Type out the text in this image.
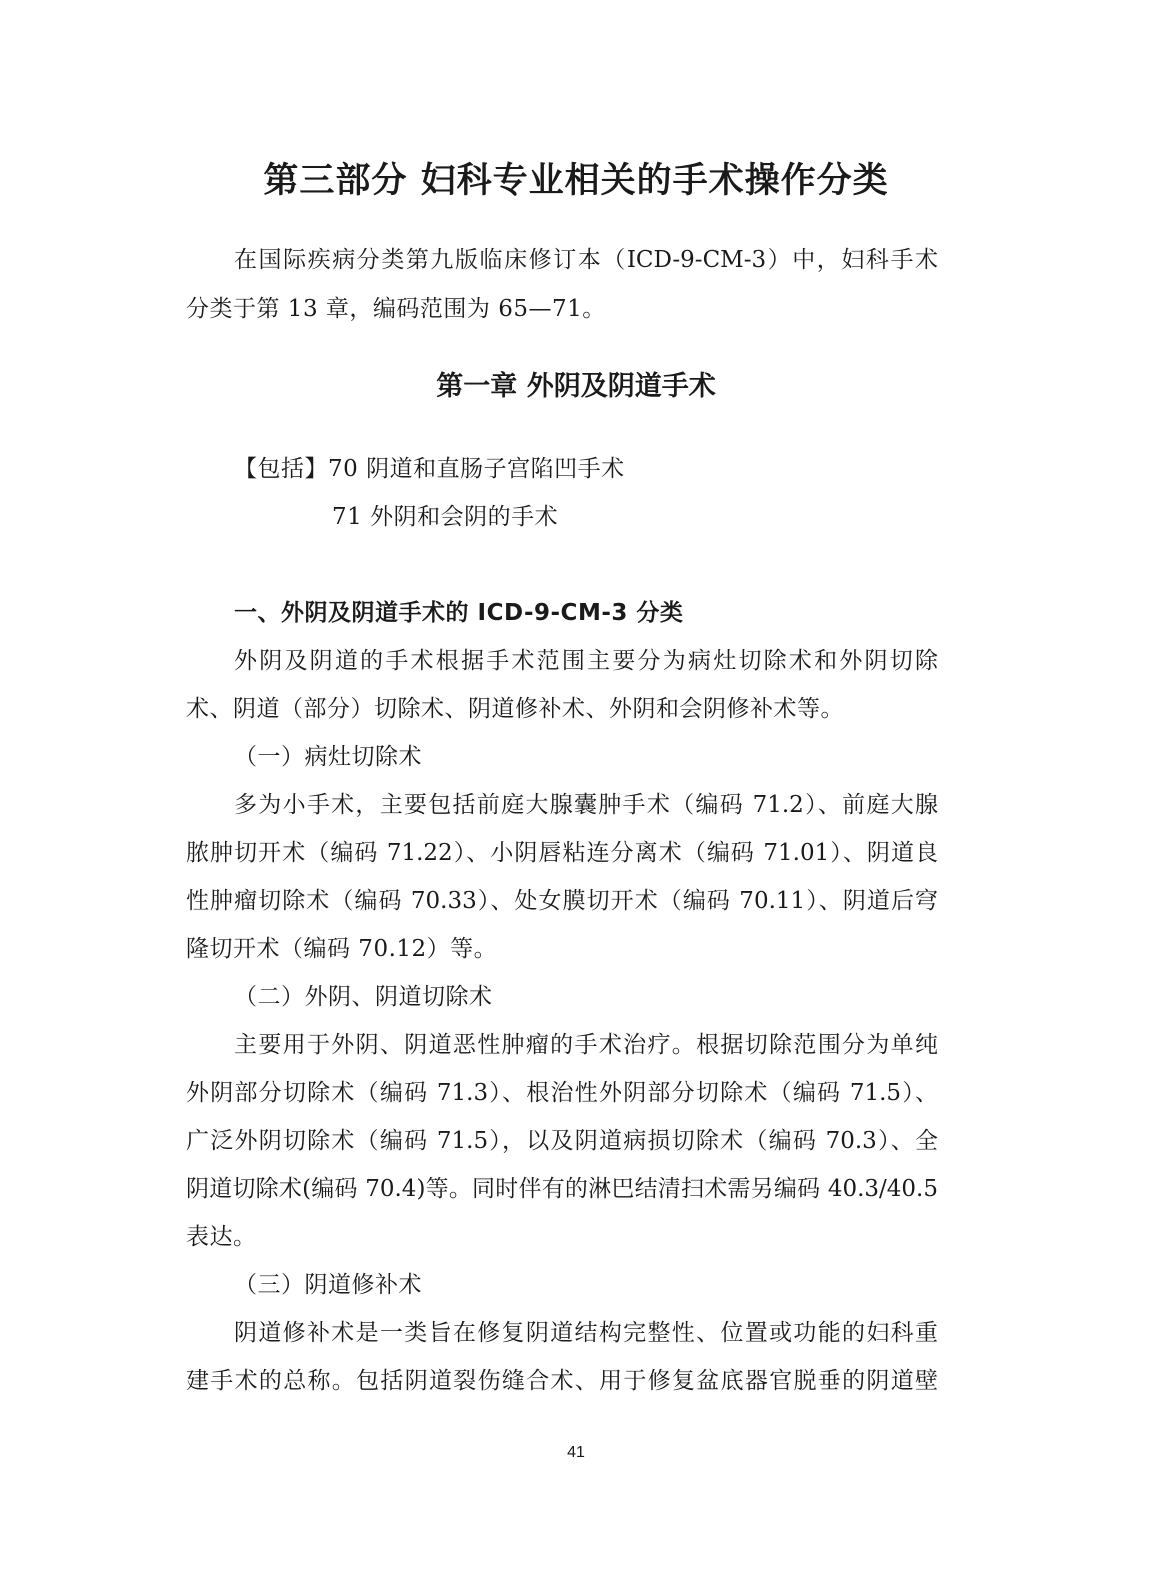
第三部分 妇科专业相关的手术操作分类
在国际疾病分类第九版临床修订本（ICD-9-CM-3）中，妇科手术
分类于第 13 章，编码范围为 65—71。
第一章 外阴及阴道手术
【包括】70 阴道和直肠子宫陷凹手术
71 外阴和会阴的手术
一、外阴及阴道手术的 ICD-9-CM-3 分类
外阴及阴道的手术根据手术范围主要分为病灶切除术和外阴切除
术、阴道（部分）切除术、阴道修补术、外阴和会阴修补术等。
（一）病灶切除术
多为小手术，主要包括前庭大腺囊肿手术（编码 71.2）、前庭大腺
脓肿切开术（编码 71.22）、小阴唇粘连分离术（编码 71.01）、阴道良
性肿瘤切除术（编码 70.33）、处女膜切开术（编码 70.11）、阴道后穹
隆切开术（编码 70.12）等。
（二）外阴、阴道切除术
主要用于外阴、阴道恶性肿瘤的手术治疗。根据切除范围分为单纯
外阴部分切除术（编码 71.3）、根治性外阴部分切除术（编码 71.5）、
广泛外阴切除术（编码 71.5），以及阴道病损切除术（编码 70.3）、全
阴道切除术(编码 70.4)等。同时伴有的淋巴结清扫术需另编码 40.3/40.5
表达。
（三）阴道修补术
阴道修补术是一类旨在修复阴道结构完整性、位置或功能的妇科重
建手术的总称。包括阴道裂伤缝合术、用于修复盆底器官脱垂的阴道壁
41
